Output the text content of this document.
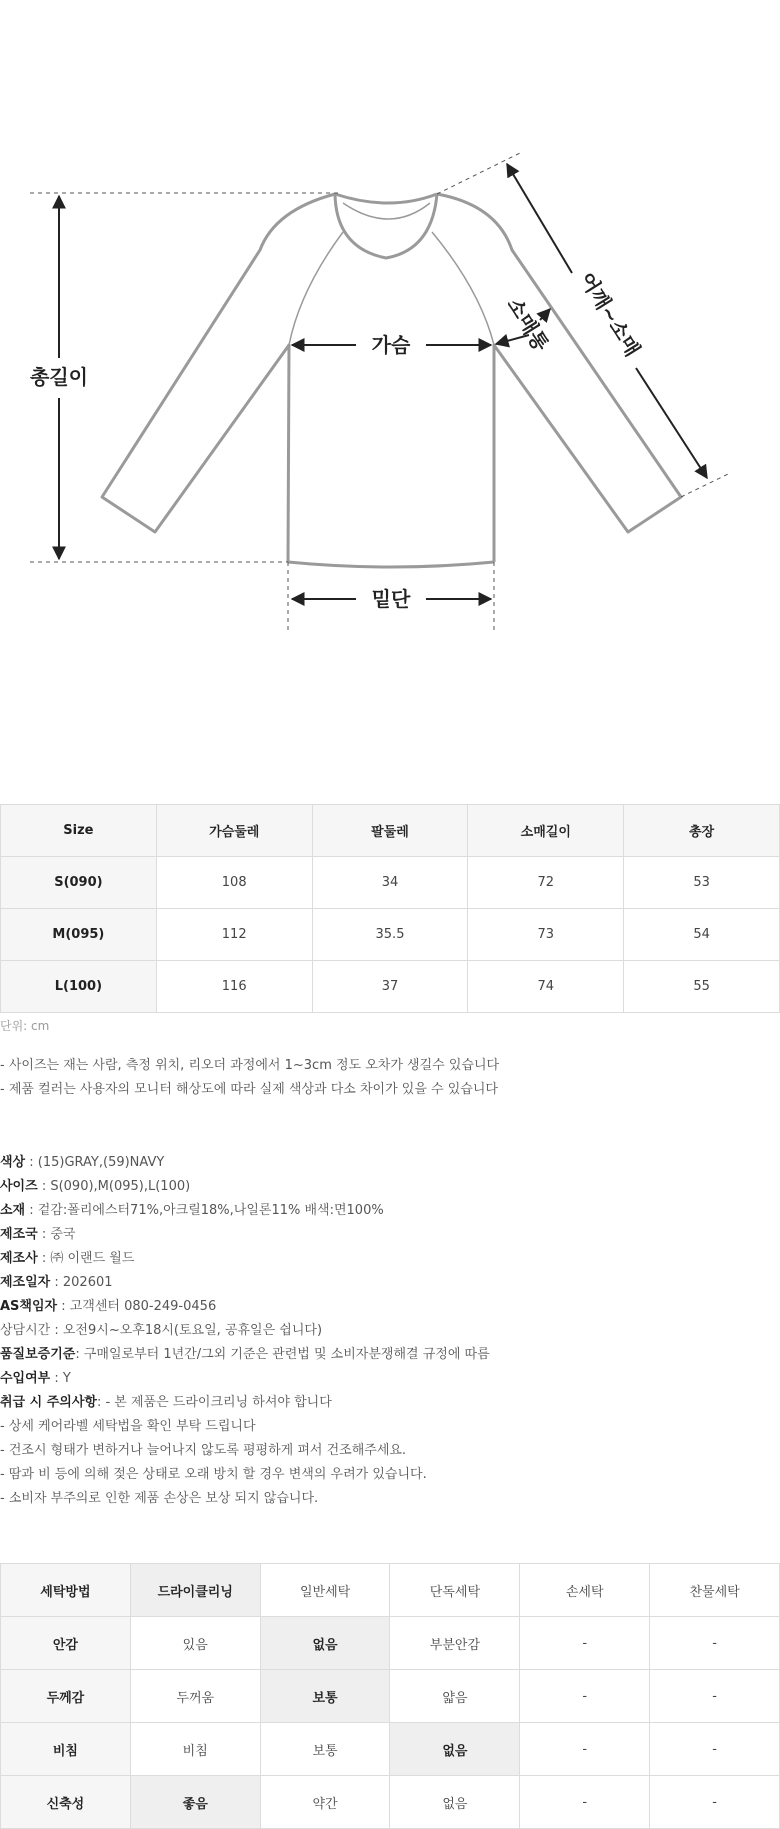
총길이
가슴
밑단
소매통 어깨~소매
Size	가슴둘레	팔둘레	소매길이	총장
S(090)	108	34	72	53
M(095)	112	35.5	73	54
L(100)	116	37	74	55
단위: cm
- 사이즈는 재는 사람, 측정 위치, 리오더 과정에서 1~3cm 정도 오차가 생길수 있습니다
- 제품 컬러는 사용자의 모니터 해상도에 따라 실제 색상과 다소 차이가 있을 수 있습니다
색상 : (15)GRAY,(59)NAVY
사이즈 : S(090),M(095),L(100)
소재 : 겉감:폴리에스터71%,아크릴18%,나일론11% 배색:면100%
제조국 : 중국
제조사 : ㈜ 이랜드 월드
제조일자 : 202601
AS책임자 : 고객센터 080-249-0456
상담시간 : 오전9시~오후18시(토요일, 공휴일은 쉽니다)
품질보증기준: 구매일로부터 1년간/그외 기준은 관련법 및 소비자분쟁해결 규정에 따름
수입여부 : Y
취급 시 주의사항: - 본 제품은 드라이크리닝 하셔야 합니다
- 상세 케어라벨 세탁법을 확인 부탁 드립니다
- 건조시 형태가 변하거나 늘어나지 않도록 평평하게 펴서 건조해주세요.
- 땀과 비 등에 의해 젖은 상태로 오래 방치 할 경우 변색의 우려가 있습니다.
- 소비자 부주의로 인한 제품 손상은 보상 되지 않습니다.
세탁방법	드라이클리닝	일반세탁	단독세탁	손세탁	찬물세탁
안감	있음	없음	부분안감	-	-
두께감	두꺼움	보통	얇음	-	-
비침	비침	보통	없음	-	-
신축성	좋음	약간	없음	-	-
